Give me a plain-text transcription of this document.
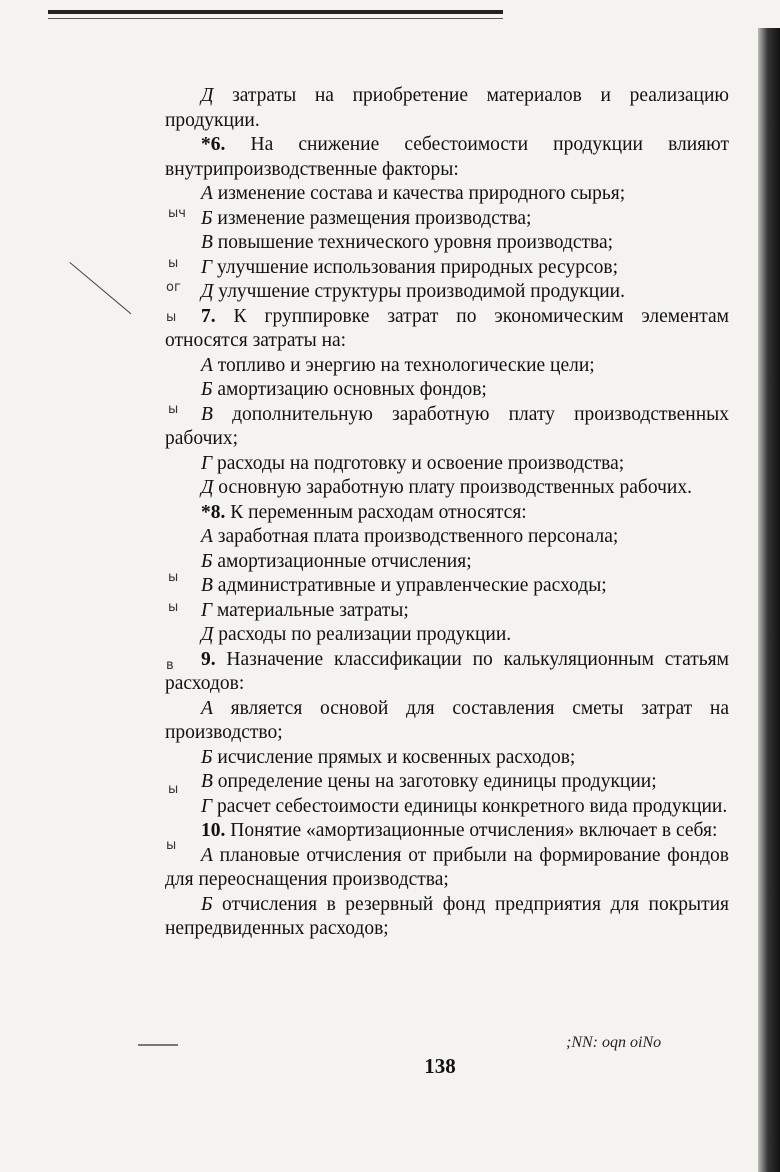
ыч
ы
ог
ы
ы
ы
ы
ы
в
ы

Д затраты на приобретение материалов и реализацию продукции.

*6. На снижение себестоимости продукции влияют внутрипроизводственные факторы:

А изменение состава и качества природного сырья;

Б изменение размещения производства;

В повышение технического уровня производства;

Г улучшение использования природных ресурсов;

Д улучшение структуры производимой продукции.

7. К группировке затрат по экономическим элементам относятся затраты на:

А топливо и энергию на технологические цели;

Б амортизацию основных фондов;

В дополнительную заработную плату производственных рабочих;

Г расходы на подготовку и освоение производства;

Д основную заработную плату производственных рабочих.

*8. К переменным расходам относятся:

А заработная плата производственного персонала;

Б амортизационные отчисления;

В административные и управленческие расходы;

Г материальные затраты;

Д расходы по реализации продукции.

9. Назначение классификации по калькуляционным статьям расходов:

А является основой для составления сметы затрат на производство;

Б исчисление прямых и косвенных расходов;

В определение цены на заготовку единицы продукции;

Г расчет себестоимости единицы конкретного вида продукции.

10. Понятие «амортизационные отчисления» включает в себя:

А плановые отчисления от прибыли на формирование фондов для переоснащения производства;

Б отчисления в резервный фонд предприятия для покрытия непредвиденных расходов;

;NN: oqn oiNo
138
